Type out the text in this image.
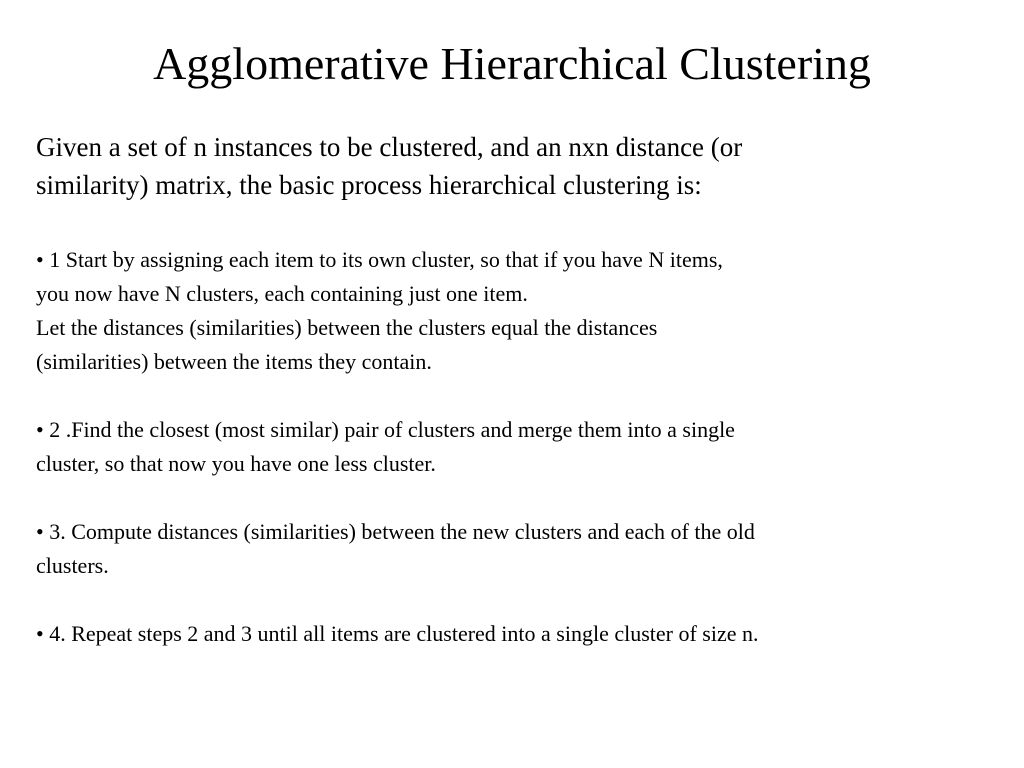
Agglomerative Hierarchical Clustering
Given a set of n instances to be clustered, and an nxn distance (or
similarity) matrix, the basic process hierarchical clustering is:
• 1 Start by assigning each item to its own cluster, so that if you have N items,
you now have N clusters, each containing just one item.
Let the distances (similarities) between the clusters equal the distances
(similarities) between the items they contain.
• 2 .Find the closest (most similar) pair of clusters and merge them into a single
cluster, so that now you have one less cluster.
• 3. Compute distances (similarities) between the new clusters and each of the old
clusters.
• 4. Repeat steps 2 and 3 until all items are clustered into a single cluster of size n.
